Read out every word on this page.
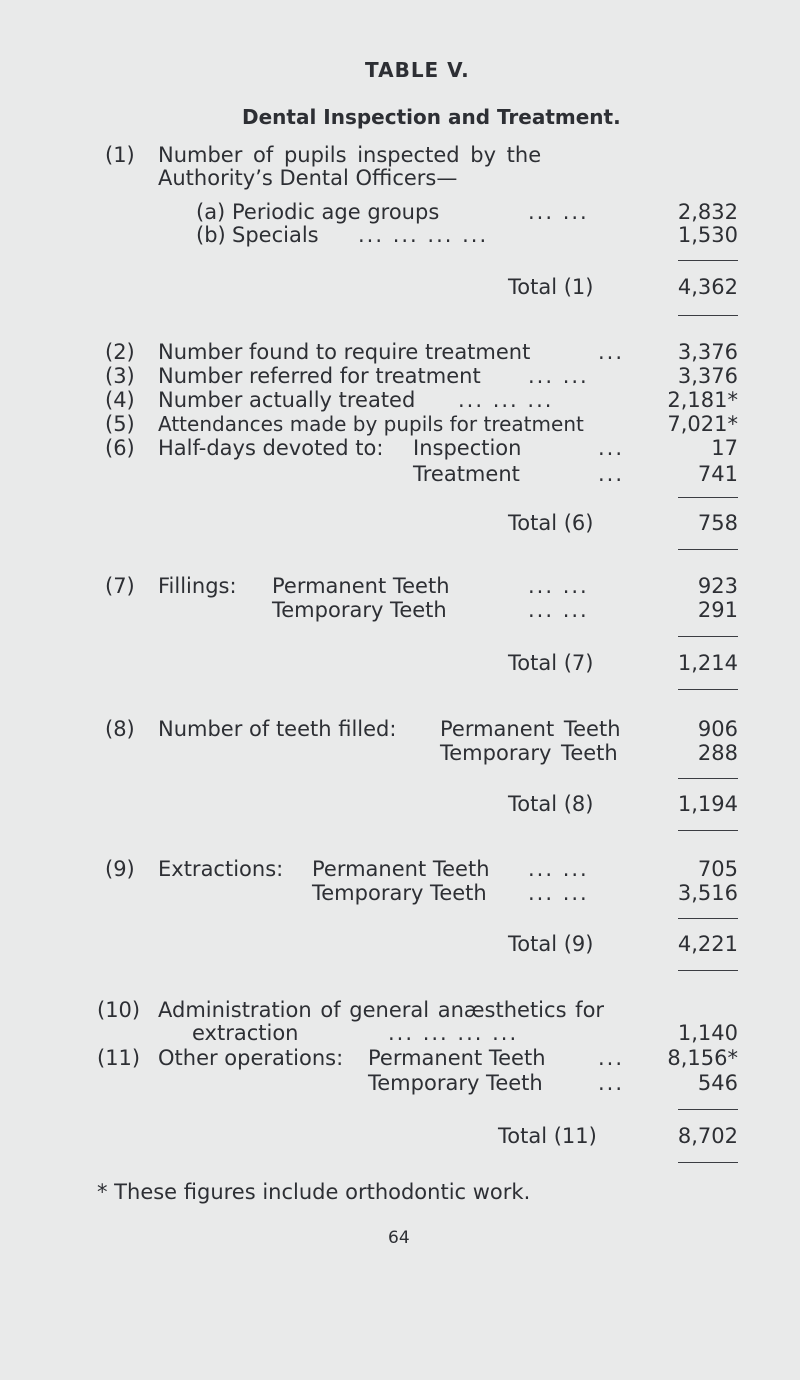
TABLE V.
Dental Inspection and Treatment.
(1) Number of pupils inspected by the
Authority’s Dental Officers—
(a) Periodic age groups	... ...	2,832
(b) Specials ... ... ... ...	1,530
Total (1)	4,362
(2) Number found to require treatment	...	3,376
(3) Number referred for treatment ... ...	3,376
(4) Number actually treated ... ... ...	2,181*
(5) Attendances made by pupils for treatment	7,021*
(6) Half-days devoted to: Inspection	...	17
Treatment	...	741
Total (6)	758
(7) Fillings: Permanent Teeth	... ...	923
Temporary Teeth	... ...	291
Total (7)	1,214
(8) Number of teeth filled: Permanent Teeth	906
Temporary Teeth	288
Total (8)	1,194
(9) Extractions: Permanent Teeth ... ...	705
Temporary Teeth ... ...	3,516
Total (9)	4,221
(10) Administration of general anæsthetics for
extraction	... ... ... ...	1,140
(11) Other operations: Permanent Teeth ...	8,156*
Temporary Teeth	...	546
Total (11)	8,702
* These figures include orthodontic work.
64
